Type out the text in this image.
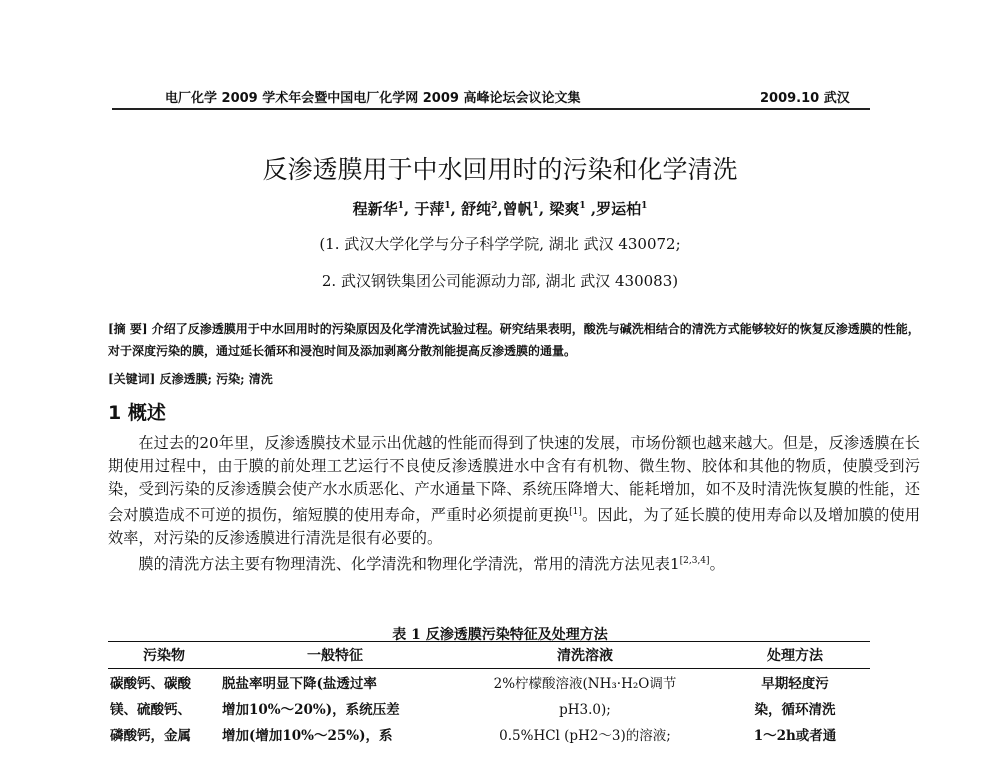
电厂化学 2009 学术年会暨中国电厂化学网 2009 高峰论坛会议论文集	2009.10 武汉
反渗透膜用于中水回用时的污染和化学清洗
程新华$^1$, 于萍$^1$, 舒纯$^2$,曾帆$^1$, 梁爽$^1$ ,罗运柏$^1$
(1. 武汉大学化学与分子科学学院, 湖北 武汉 430072;
2. 武汉钢铁集团公司能源动力部, 湖北 武汉 430083)
[摘 要] 介绍了反渗透膜用于中水回用时的污染原因及化学清洗试验过程。研究结果表明，酸洗与碱洗相结合的清洗方式能够较好的恢复反渗透膜的性能，对于深度污染的膜，通过延长循环和浸泡时间及添加剥离分散剂能提高反渗透膜的通量。
[关键词] 反渗透膜; 污染; 清洗
1 概述

在过去的20年里，反渗透膜技术显示出优越的性能而得到了快速的发展，市场份额也越来越大。但是，反渗透膜在长期使用过程中，由于膜的前处理工艺运行不良使反渗透膜进水中含有有机物、微生物、胶体和其他的物质，使膜受到污染，受到污染的反渗透膜会使产水水质恶化、产水通量下降、系统压降增大、能耗增加，如不及时清洗恢复膜的性能，还会对膜造成不可逆的损伤，缩短膜的使用寿命，严重时必须提前更换[1]。因此，为了延长膜的使用寿命以及增加膜的使用效率，对污染的反渗透膜进行清洗是很有必要的。

膜的清洗方法主要有物理清洗、化学清洗和物理化学清洗，常用的清洗方法见表1[2,3,4]。

表 1 反渗透膜污染特征及处理方法
污染物	一般特征	清洗溶液	处理方法
碳酸钙、碳酸	脱盐率明显下降(盐透过率	2%柠檬酸溶液(NH₃·H₂O调节	早期轻度污
镁、硫酸钙、	增加10%～20%)，系统压差	pH3.0);	染，循环清洗
磷酸钙，金属	增加(增加10%～25%)，系	0.5%HCl (pH2～3)的溶液;	1～2h或者通
